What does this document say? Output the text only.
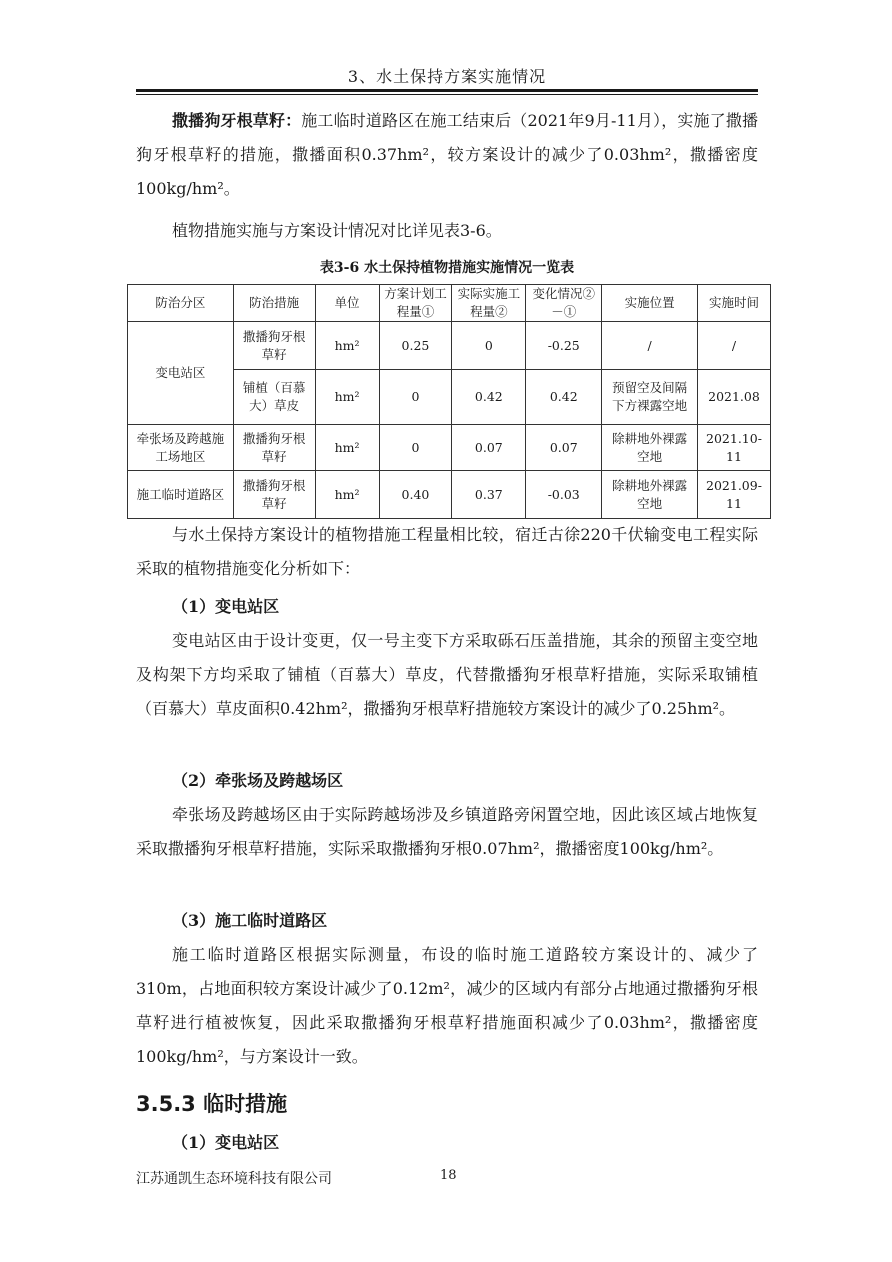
3、水土保持方案实施情况

撒播狗牙根草籽：施工临时道路区在施工结束后（2021年9月-11月），实施了撒播狗牙根草籽的措施，撒播面积0.37hm²，较方案设计的减少了0.03hm²，撒播密度100kg/hm²。

植物措施实施与方案设计情况对比详见表3-6。

表3-6 水土保持植物措施实施情况一览表
防治分区	防治措施	单位	方案计划工程量①	实际实施工程量②	变化情况②－①	实施位置	实施时间
变电站区	撒播狗牙根草籽	hm²	0.25	0	-0.25	/	/
	铺植（百慕大）草皮	hm²	0	0.42	0.42	预留空及间隔下方裸露空地	2021.08
牵张场及跨越施工场地区	撒播狗牙根草籽	hm²	0	0.07	0.07	除耕地外裸露空地	2021.10-11
施工临时道路区	撒播狗牙根草籽	hm²	0.40	0.37	-0.03	除耕地外裸露空地	2021.09-11

与水土保持方案设计的植物措施工程量相比较，宿迁古徐220千伏输变电工程实际采取的植物措施变化分析如下：

（1）变电站区

变电站区由于设计变更，仅一号主变下方采取砾石压盖措施，其余的预留主变空地及构架下方均采取了铺植（百慕大）草皮，代替撒播狗牙根草籽措施，实际采取铺植（百慕大）草皮面积0.42hm²，撒播狗牙根草籽措施较方案设计的减少了0.25hm²。

（2）牵张场及跨越场区

牵张场及跨越场区由于实际跨越场涉及乡镇道路旁闲置空地，因此该区域占地恢复采取撒播狗牙根草籽措施，实际采取撒播狗牙根0.07hm²，撒播密度100kg/hm²。

（3）施工临时道路区

施工临时道路区根据实际测量，布设的临时施工道路较方案设计的、减少了310m，占地面积较方案设计减少了0.12m²，减少的区域内有部分占地通过撒播狗牙根草籽进行植被恢复，因此采取撒播狗牙根草籽措施面积减少了0.03hm²，撒播密度100kg/hm²，与方案设计一致。

3.5.3 临时措施

（1）变电站区

江苏通凯生态环境科技有限公司	18
